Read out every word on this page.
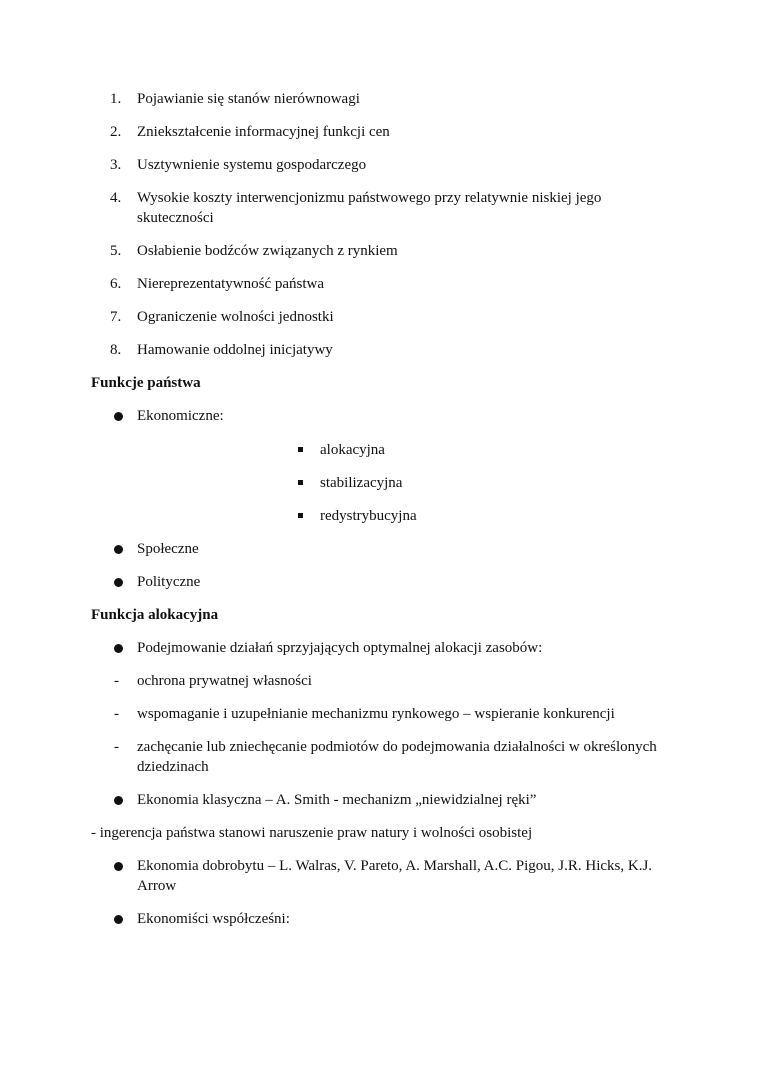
1.	Pojawianie się stanów nierównowagi
2.	Zniekształcenie informacyjnej funkcji cen
3.	Usztywnienie systemu gospodarczego
4.	Wysokie koszty interwencjonizmu państwowego przy relatywnie niskiej jego
skuteczności
5.	Osłabienie bodźców związanych z rynkiem
6.	Niereprezentatywność państwa
7.	Ograniczenie wolności jednostki
8.	Hamowanie oddolnej inicjatywy
Funkcje państwa
Ekonomiczne:
alokacyjna
stabilizacyjna
redystrybucyjna
Społeczne
Polityczne
Funkcja alokacyjna
Podejmowanie działań sprzyjających optymalnej alokacji zasobów:
- ochrona prywatnej własności
- wspomaganie i uzupełnianie mechanizmu rynkowego – wspieranie konkurencji
- zachęcanie lub zniechęcanie podmiotów do podejmowania działalności w określonych
dziedzinach
Ekonomia klasyczna – A. Smith - mechanizm „niewidzialnej ręki”
- ingerencja państwa stanowi naruszenie praw natury i wolności osobistej
Ekonomia dobrobytu – L. Walras, V. Pareto, A. Marshall, A.C. Pigou, J.R. Hicks, K.J.
Arrow
Ekonomiści współcześni:
